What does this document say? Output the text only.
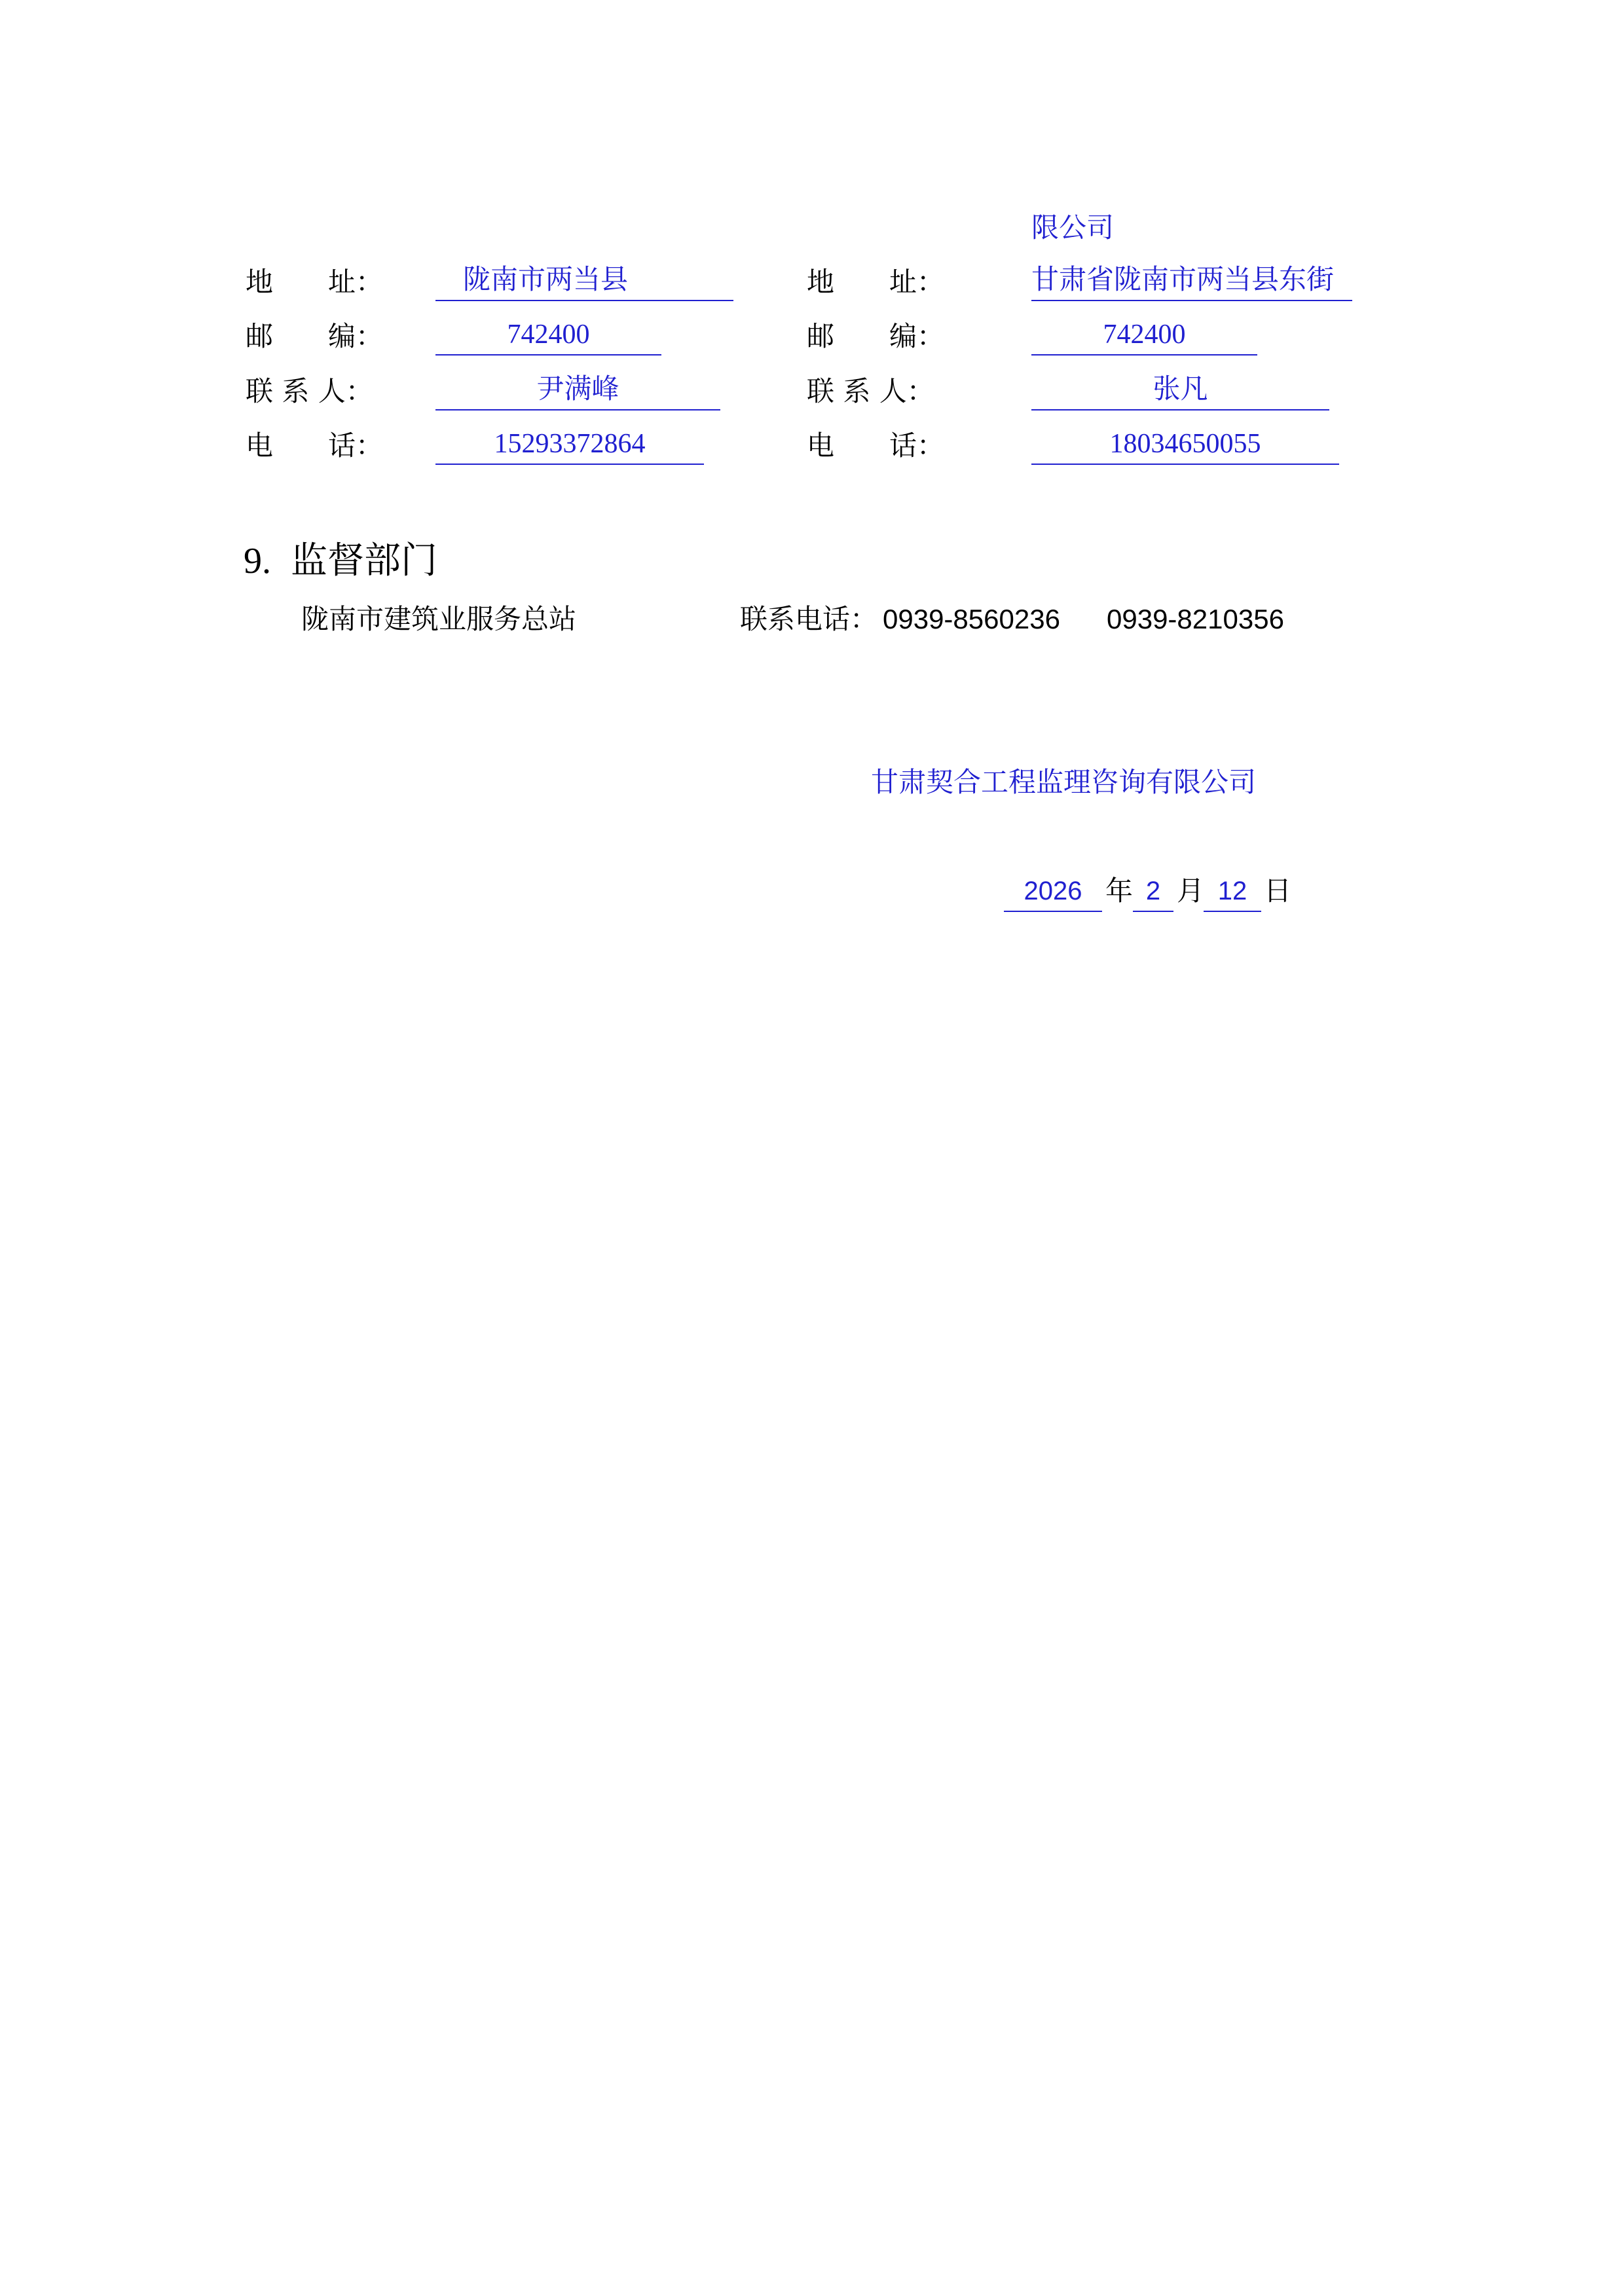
限公司
地　　址：	陇南市两当县	地　　址：	甘肃省陇南市两当县东街
邮　　编：	742400	邮　　编：	742400
联 系 人：	尹满峰	联 系 人：	张凡
电　　话：	15293372864	电　　话：	18034650055
9. 监督部门
陇南市建筑业服务总站	联系电话： 0939-8560236 0939-8210356
甘肃契合工程监理咨询有限公司
2026 年 2 月 12 日
